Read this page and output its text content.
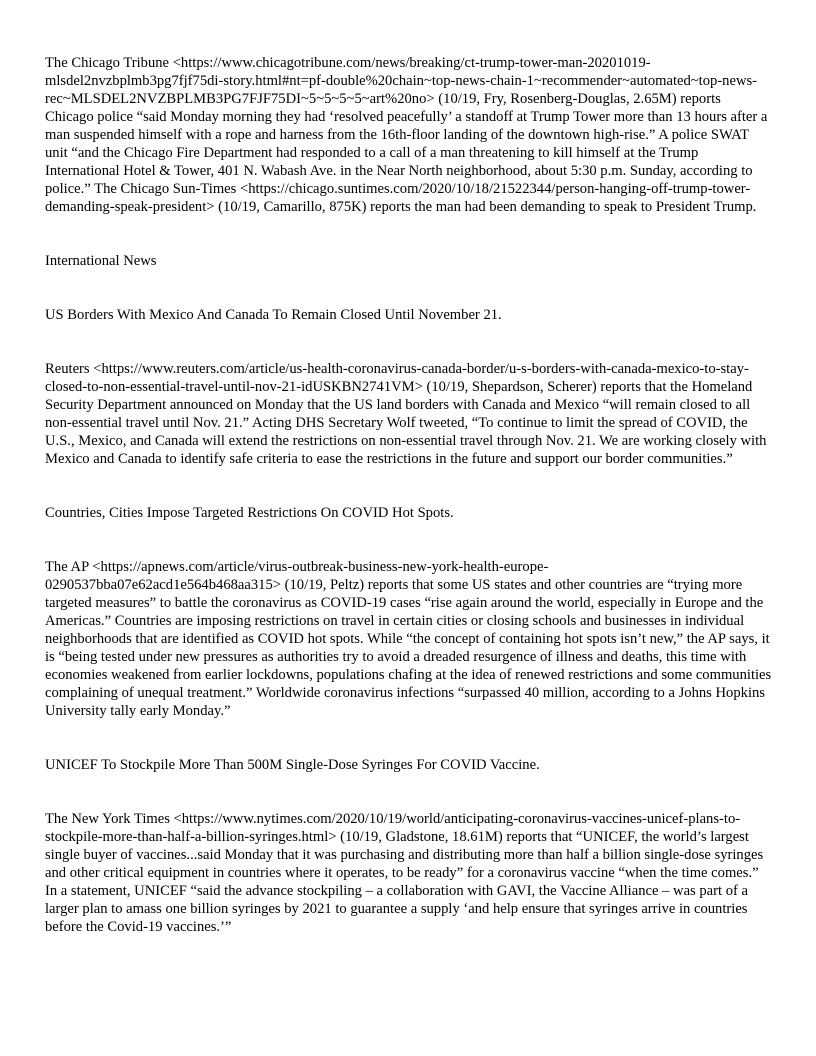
The Chicago Tribune <https://www.chicagotribune.com/news/breaking/ct-trump-tower-man-20201019-mlsdel2nvzbplmb3pg7fjf75di-story.html#nt=pf-double%20chain~top-news-chain-1~recommender~automated~top-news-rec~MLSDEL2NVZBPLMB3PG7FJF75DI~5~5~5~5~art%20no> (10/19, Fry, Rosenberg-Douglas, 2.65M) reports Chicago police “said Monday morning they had ‘resolved peacefully’ a standoff at Trump Tower more than 13 hours after a man suspended himself with a rope and harness from the 16th-floor landing of the downtown high-rise.” A police SWAT unit “and the Chicago Fire Department had responded to a call of a man threatening to kill himself at the Trump International Hotel & Tower, 401 N. Wabash Ave. in the Near North neighborhood, about 5:30 p.m. Sunday, according to police.” The Chicago Sun-Times <https://chicago.suntimes.com/2020/10/18/21522344/person-hanging-off-trump-tower-demanding-speak-president> (10/19, Camarillo, 875K) reports the man had been demanding to speak to President Trump.

International News

US Borders With Mexico And Canada To Remain Closed Until November 21.

Reuters <https://www.reuters.com/article/us-health-coronavirus-canada-border/u-s-borders-with-canada-mexico-to-stay-closed-to-non-essential-travel-until-nov-21-idUSKBN2741VM> (10/19, Shepardson, Scherer) reports that the Homeland Security Department announced on Monday that the US land borders with Canada and Mexico “will remain closed to all non-essential travel until Nov. 21.” Acting DHS Secretary Wolf tweeted, “To continue to limit the spread of COVID, the U.S., Mexico, and Canada will extend the restrictions on non-essential travel through Nov. 21. We are working closely with Mexico and Canada to identify safe criteria to ease the restrictions in the future and support our border communities.”

Countries, Cities Impose Targeted Restrictions On COVID Hot Spots.

The AP <https://apnews.com/article/virus-outbreak-business-new-york-health-europe-0290537bba07e62acd1e564b468aa315> (10/19, Peltz) reports that some US states and other countries are “trying more targeted measures” to battle the coronavirus as COVID-19 cases “rise again around the world, especially in Europe and the Americas.” Countries are imposing restrictions on travel in certain cities or closing schools and businesses in individual neighborhoods that are identified as COVID hot spots. While “the concept of containing hot spots isn’t new,” the AP says, it is “being tested under new pressures as authorities try to avoid a dreaded resurgence of illness and deaths, this time with economies weakened from earlier lockdowns, populations chafing at the idea of renewed restrictions and some communities complaining of unequal treatment.” Worldwide coronavirus infections “surpassed 40 million, according to a Johns Hopkins University tally early Monday.”

UNICEF To Stockpile More Than 500M Single-Dose Syringes For COVID Vaccine.

The New York Times <https://www.nytimes.com/2020/10/19/world/anticipating-coronavirus-vaccines-unicef-plans-to-stockpile-more-than-half-a-billion-syringes.html> (10/19, Gladstone, 18.61M) reports that “UNICEF, the world’s largest single buyer of vaccines...said Monday that it was purchasing and distributing more than half a billion single-dose syringes and other critical equipment in countries where it operates, to be ready” for a coronavirus vaccine “when the time comes.” In a statement, UNICEF “said the advance stockpiling – a collaboration with GAVI, the Vaccine Alliance – was part of a larger plan to amass one billion syringes by 2021 to guarantee a supply ‘and help ensure that syringes arrive in countries before the Covid-19 vaccines.’”
